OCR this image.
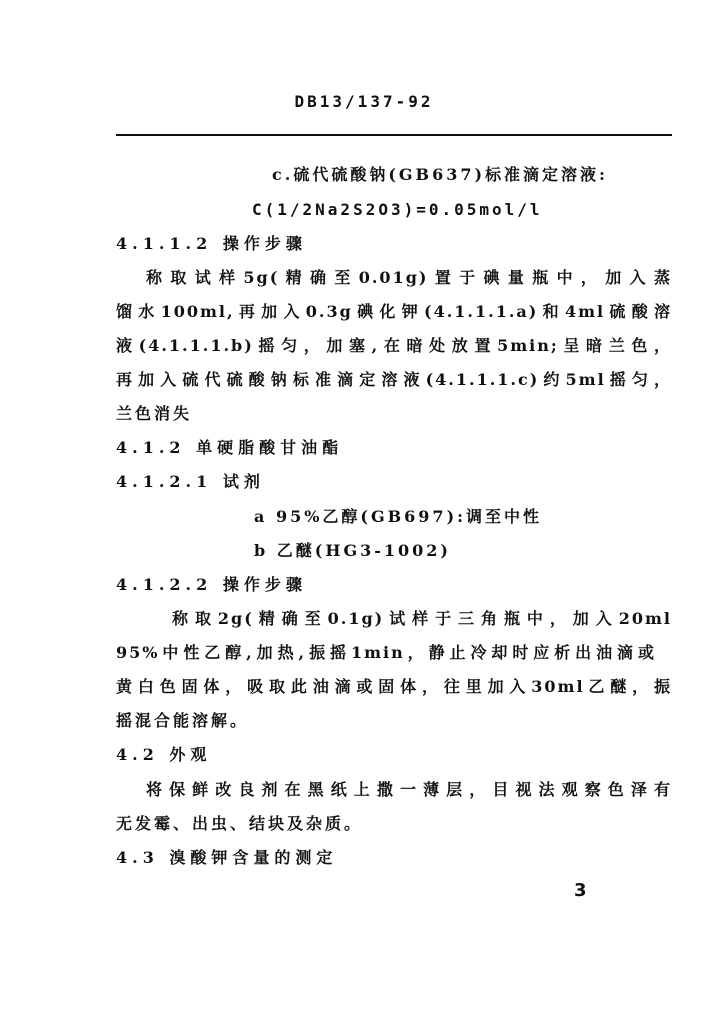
DB13/137-92
c.硫代硫酸钠(GB637)标准滴定溶液:
C(1/2Na2S2O3)=0.05mol/l
4.1.1.2 操作步骤
称取试样5g(精确至0.01g)置于碘量瓶中，加入蒸
馏水100ml,再加入0.3g碘化钾(4.1.1.1.a)和4ml硫酸溶
液(4.1.1.1.b)摇匀，加塞,在暗处放置5min;呈暗兰色，
再加入硫代硫酸钠标准滴定溶液(4.1.1.1.c)约5ml摇匀，
兰色消失
4.1.2 单硬脂酸甘油酯
4.1.2.1 试剂
a 95%乙醇(GB697):调至中性
b 乙醚(HG3-1002)
4.1.2.2 操作步骤
称取2g(精确至0.1g)试样于三角瓶中，加入20ml
95%中性乙醇,加热,振摇1min，静止冷却时应析出油滴或
黄白色固体，吸取此油滴或固体，往里加入30ml乙醚，振
摇混合能溶解。
4.2 外观
将保鲜改良剂在黑纸上撒一薄层，目视法观察色泽有
无发霉、出虫、结块及杂质。
4.3 溴酸钾含量的测定
3
